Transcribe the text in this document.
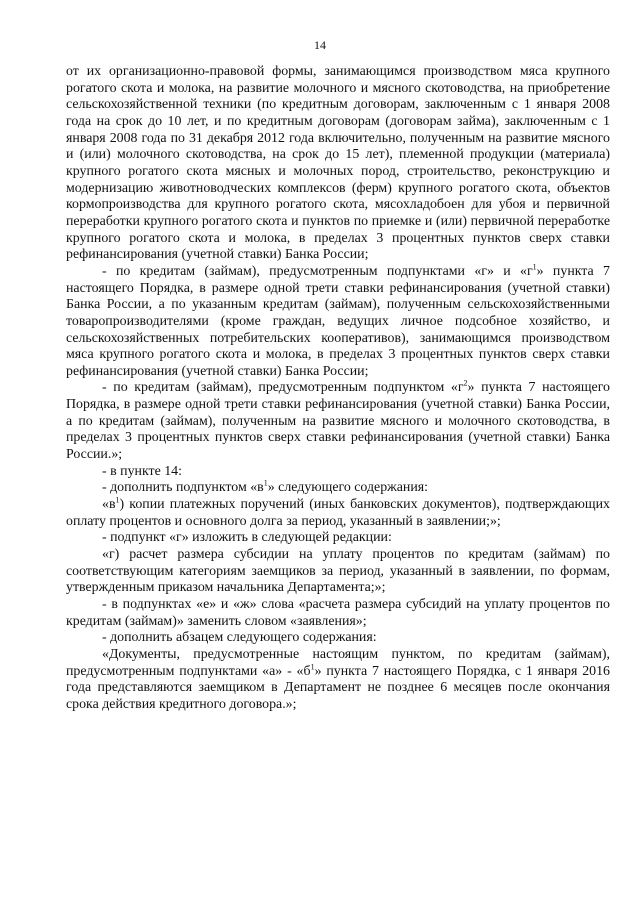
14

от их организационно-правовой формы, занимающимся производством мяса крупного рогатого скота и молока, на развитие молочного и мясного скотоводства, на приобретение сельскохозяйственной техники (по кредитным договорам, заключенным с 1 января 2008 года на срок до 10 лет, и по кредитным договорам (договорам займа), заключенным с 1 января 2008 года по 31 декабря 2012 года включительно, полученным на развитие мясного и (или) молочного скотоводства, на срок до 15 лет), племенной продукции (материала) крупного рогатого скота мясных и молочных пород, строительство, реконструкцию и модернизацию животноводческих комплексов (ферм) крупного рогатого скота, объектов кормопроизводства для крупного рогатого скота, мясохладобоен для убоя и первичной переработки крупного рогатого скота и пунктов по приемке и (или) первичной переработке крупного рогатого скота и молока, в пределах 3 процентных пунктов сверх ставки рефинансирования (учетной ставки) Банка России;

- по кредитам (займам), предусмотренным подпунктами «г» и «$г^1$» пункта 7 настоящего Порядка, в размере одной трети ставки рефинансирования (учетной ставки) Банка России, а по указанным кредитам (займам), полученным сельскохозяйственными товаропроизводителями (кроме граждан, ведущих личное подсобное хозяйство, и сельскохозяйственных потребительских кооперативов), занимающимся производством мяса крупного рогатого скота и молока, в пределах 3 процентных пунктов сверх ставки рефинансирования (учетной ставки) Банка России;

- по кредитам (займам), предусмотренным подпунктом «$г^2$» пункта 7 настоящего Порядка, в размере одной трети ставки рефинансирования (учетной ставки) Банка России, а по кредитам (займам), полученным на развитие мясного и молочного скотоводства, в пределах 3 процентных пунктов сверх ставки рефинансирования (учетной ставки) Банка России.»;

- в пункте 14:

- дополнить подпунктом «$в^1$» следующего содержания:

«$в^1$) копии платежных поручений (иных банковских документов), подтверждающих оплату процентов и основного долга за период, указанный в заявлении;»;

- подпункт «г» изложить в следующей редакции:

«г) расчет размера субсидии на уплату процентов по кредитам (займам) по соответствующим категориям заемщиков за период, указанный в заявлении, по формам, утвержденным приказом начальника Департамента;»;

- в подпунктах «е» и «ж» слова «расчета размера субсидий на уплату процентов по кредитам (займам)» заменить словом «заявления»;

- дополнить абзацем следующего содержания:

«Документы, предусмотренные настоящим пунктом, по кредитам (займам), предусмотренным подпунктами «а» - «$б^1$» пункта 7 настоящего Порядка, с 1 января 2016 года представляются заемщиком в Департамент не позднее 6 месяцев после окончания срока действия кредитного договора.»;
